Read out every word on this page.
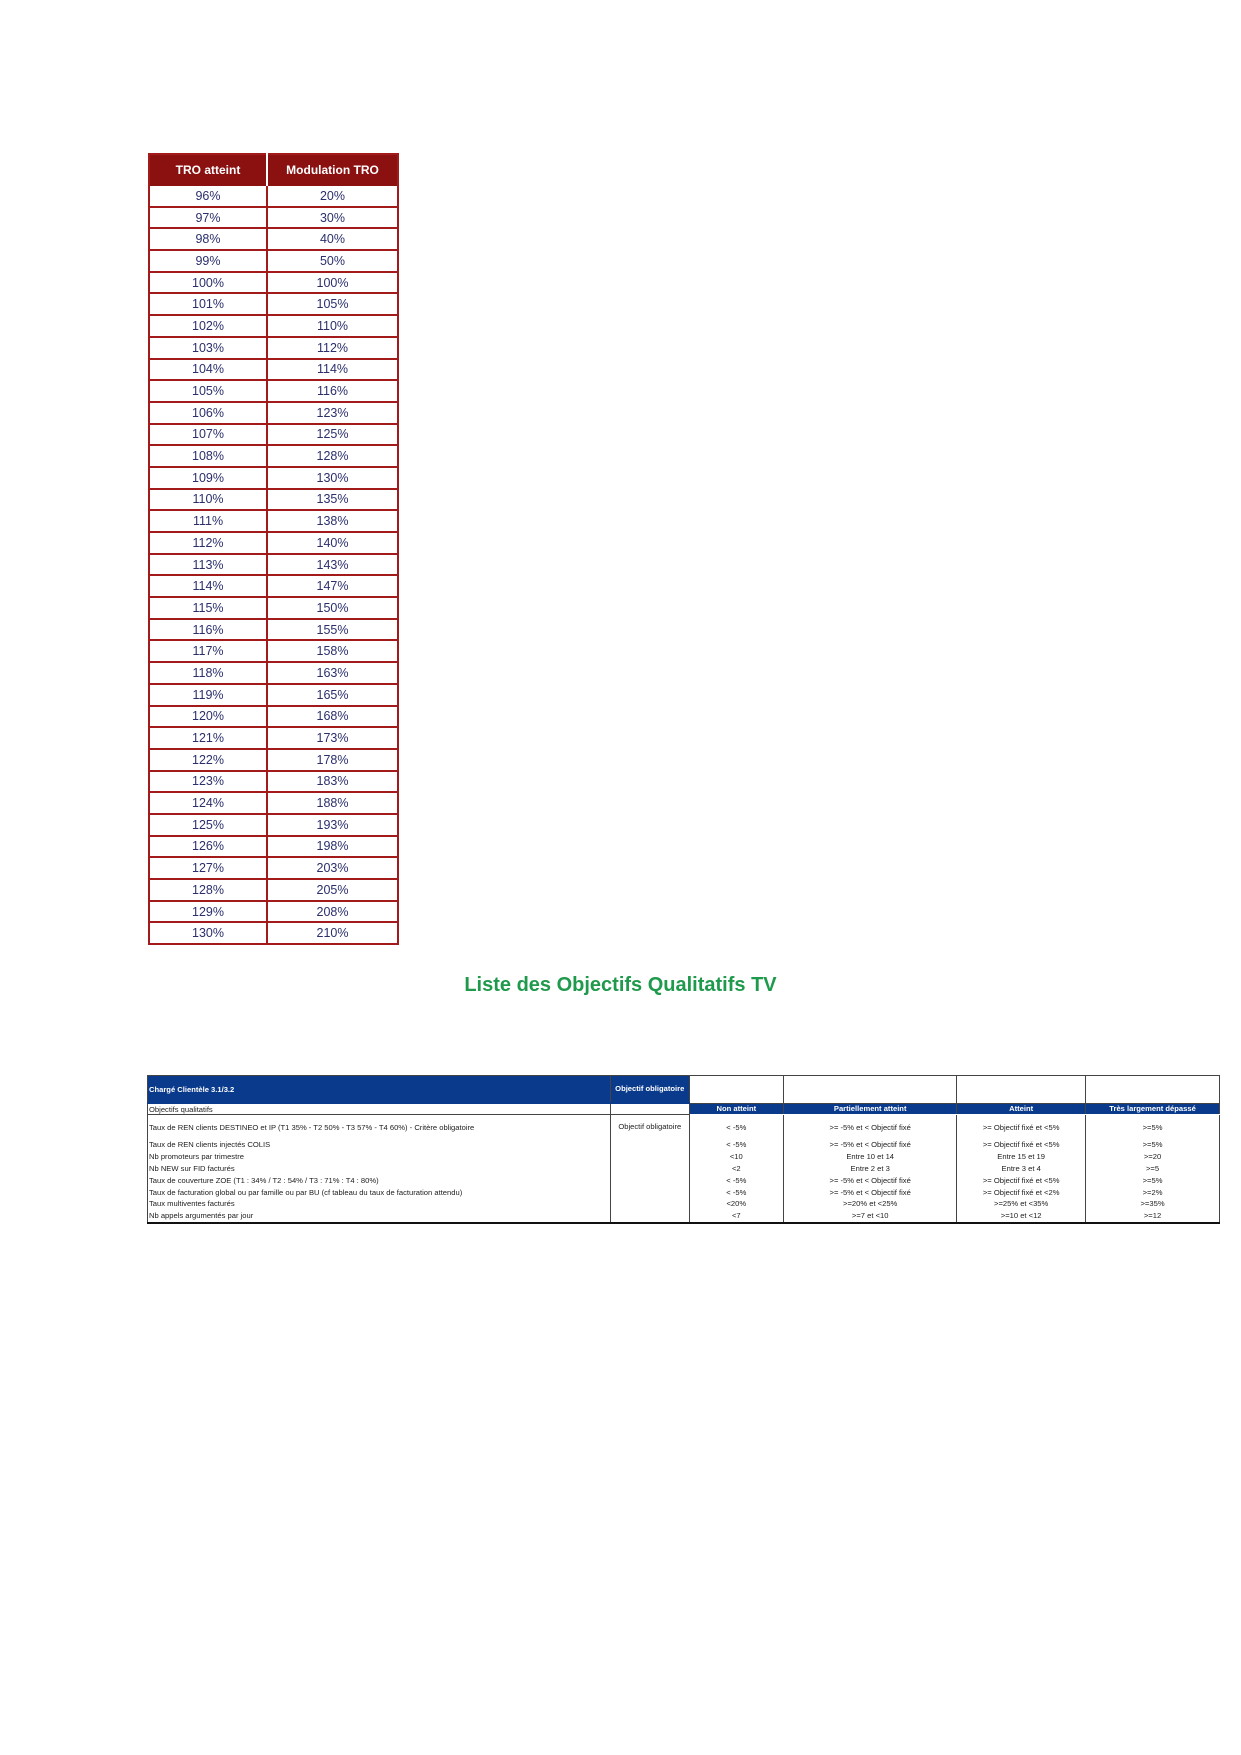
TRO atteint	Modulation TRO
96%	20%
97%	30%
98%	40%
99%	50%
100%	100%
101%	105%
102%	110%
103%	112%
104%	114%
105%	116%
106%	123%
107%	125%
108%	128%
109%	130%
110%	135%
111%	138%
112%	140%
113%	143%
114%	147%
115%	150%
116%	155%
117%	158%
118%	163%
119%	165%
120%	168%
121%	173%
122%	178%
123%	183%
124%	188%
125%	193%
126%	198%
127%	203%
128%	205%
129%	208%
130%	210%
Liste des Objectifs Qualitatifs TV
Chargé Clientèle 3.1/3.2	Objectif obligatoire				
Objectifs qualitatifs		Non atteint	Partiellement atteint	Atteint	Très largement dépassé
Taux de REN clients DESTINEO et IP (T1 35% - T2 50% - T3 57% - T4 60%) - Critère obligatoire	Objectif obligatoire	< -5%	>= -5% et < Objectif fixé	>= Objectif fixé et <5%	>=5%
Taux de REN clients injectés COLIS		< -5%	>= -5% et < Objectif fixé	>= Objectif fixé et <5%	>=5%
Nb promoteurs par trimestre		<10	Entre 10 et 14	Entre 15 et 19	>=20
Nb NEW sur FID facturés		<2	Entre 2 et 3	Entre 3 et 4	>=5
Taux de couverture ZOE (T1 : 34% / T2 : 54% / T3 : 71% : T4 : 80%)		< -5%	>= -5% et < Objectif fixé	>= Objectif fixé et <5%	>=5%
Taux de facturation global ou par famille ou par BU (cf tableau du taux de facturation attendu)		< -5%	>= -5% et < Objectif fixé	>= Objectif fixé et <2%	>=2%
Taux multiventes facturés		<20%	>=20% et <25%	>=25% et <35%	>=35%
Nb appels argumentés par jour		<7	>=7 et <10	>=10 et <12	>=12
